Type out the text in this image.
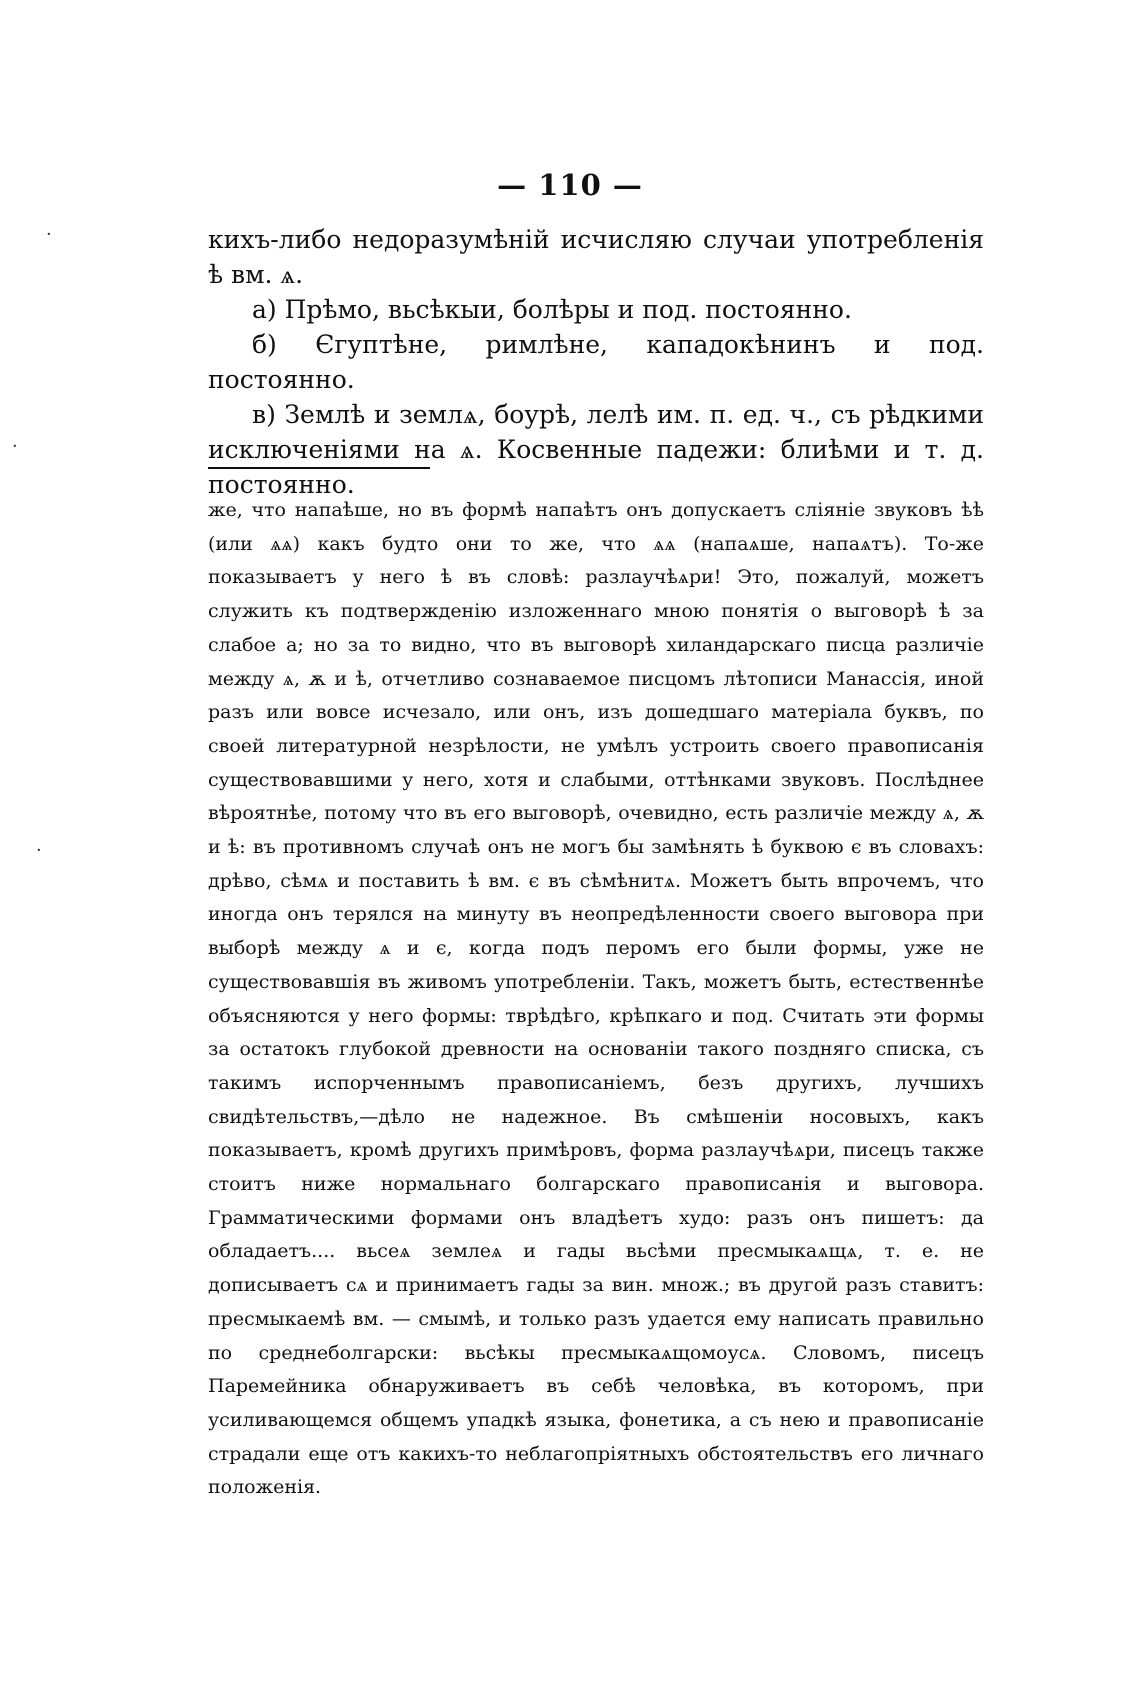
·
·
·
— 110 —

кихъ-либо недоразумѣній исчисляю случаи употребленія ѣ вм. ѧ.

а) Прѣмо, вьсѣкыи, болѣры и под. постоянно.

б) Єгуптѣне, римлѣне, кападокѣнинъ и под. постоянно.

в) Землѣ и землѧ, боурѣ, лелѣ им. п. ед. ч., съ рѣдкими исключеніями на ѧ. Косвенные падежи: блиѣми и т. д. постоянно.

же, что напаѣше, но въ формѣ напаѣтъ онъ допускаетъ сліяніе звуковъ ѣѣ (или ѧѧ) какъ будто они то же, что ѧѧ (напаѧше, напаѧтъ). То-же показываетъ у него ѣ въ словѣ: разлаучѣѧри! Это, пожалуй, можетъ служить къ подтвержденію изложеннаго мною понятія о выговорѣ ѣ за слабое а; но за то видно, что въ выговорѣ хиландарскаго писца различіе между ѧ, ѫ и ѣ, отчетливо сознаваемое писцомъ лѣтописи Манассія, иной разъ или вовсе исчезало, или онъ, изъ дошедшаго матеріала буквъ, по своей литературной незрѣлости, не умѣлъ устроить своего правописанія существовавшими у него, хотя и слабыми, оттѣнками звуковъ. Послѣднее вѣроятнѣе, потому что въ его выговорѣ, очевидно, есть различіе между ѧ, ѫ и ѣ: въ противномъ случаѣ онъ не могъ бы замѣнять ѣ буквою є въ словахъ: дрѣво, сѣмѧ и поставить ѣ вм. є въ сѣмѣнитѧ. Можетъ быть впрочемъ, что иногда онъ терялся на минуту въ неопредѣленности своего выговора при выборѣ между ѧ и є, когда подъ перомъ его были формы, уже не существовавшія въ живомъ употребленіи. Такъ, можетъ быть, естественнѣе объясняются у него формы: тврѣдѣго, крѣпкаго и под. Считать эти формы за остатокъ глубокой древности на основаніи такого поздняго списка, съ такимъ испорченнымъ правописаніемъ, безъ другихъ, лучшихъ свидѣтельствъ,—дѣло не надежное. Въ смѣшеніи носовыхъ, какъ показываетъ, кромѣ другихъ примѣровъ, форма разлаучѣѧри, писецъ также стоитъ ниже нормальнаго болгарскаго правописанія и выговора. Грамматическими формами онъ владѣетъ худо: разъ онъ пишетъ: да обладаетъ.... вьсеѧ землеѧ и гады вьсѣми пресмыкаѧщѧ, т. е. не дописываетъ сѧ и принимаетъ гады за вин. множ.; въ другой разъ ставитъ: пресмыкаемѣ вм. — смымѣ, и только разъ удается ему написать правильно по среднеболгарски: вьсѣкы пресмыкаѧщомоусѧ. Словомъ, писецъ Паремейника обнаруживаетъ въ себѣ человѣка, въ которомъ, при усиливающемся общемъ упадкѣ языка, фонетика, а съ нею и правописаніе страдали еще отъ какихъ-то неблагопріятныхъ обстоятельствъ его личнаго положенія.
